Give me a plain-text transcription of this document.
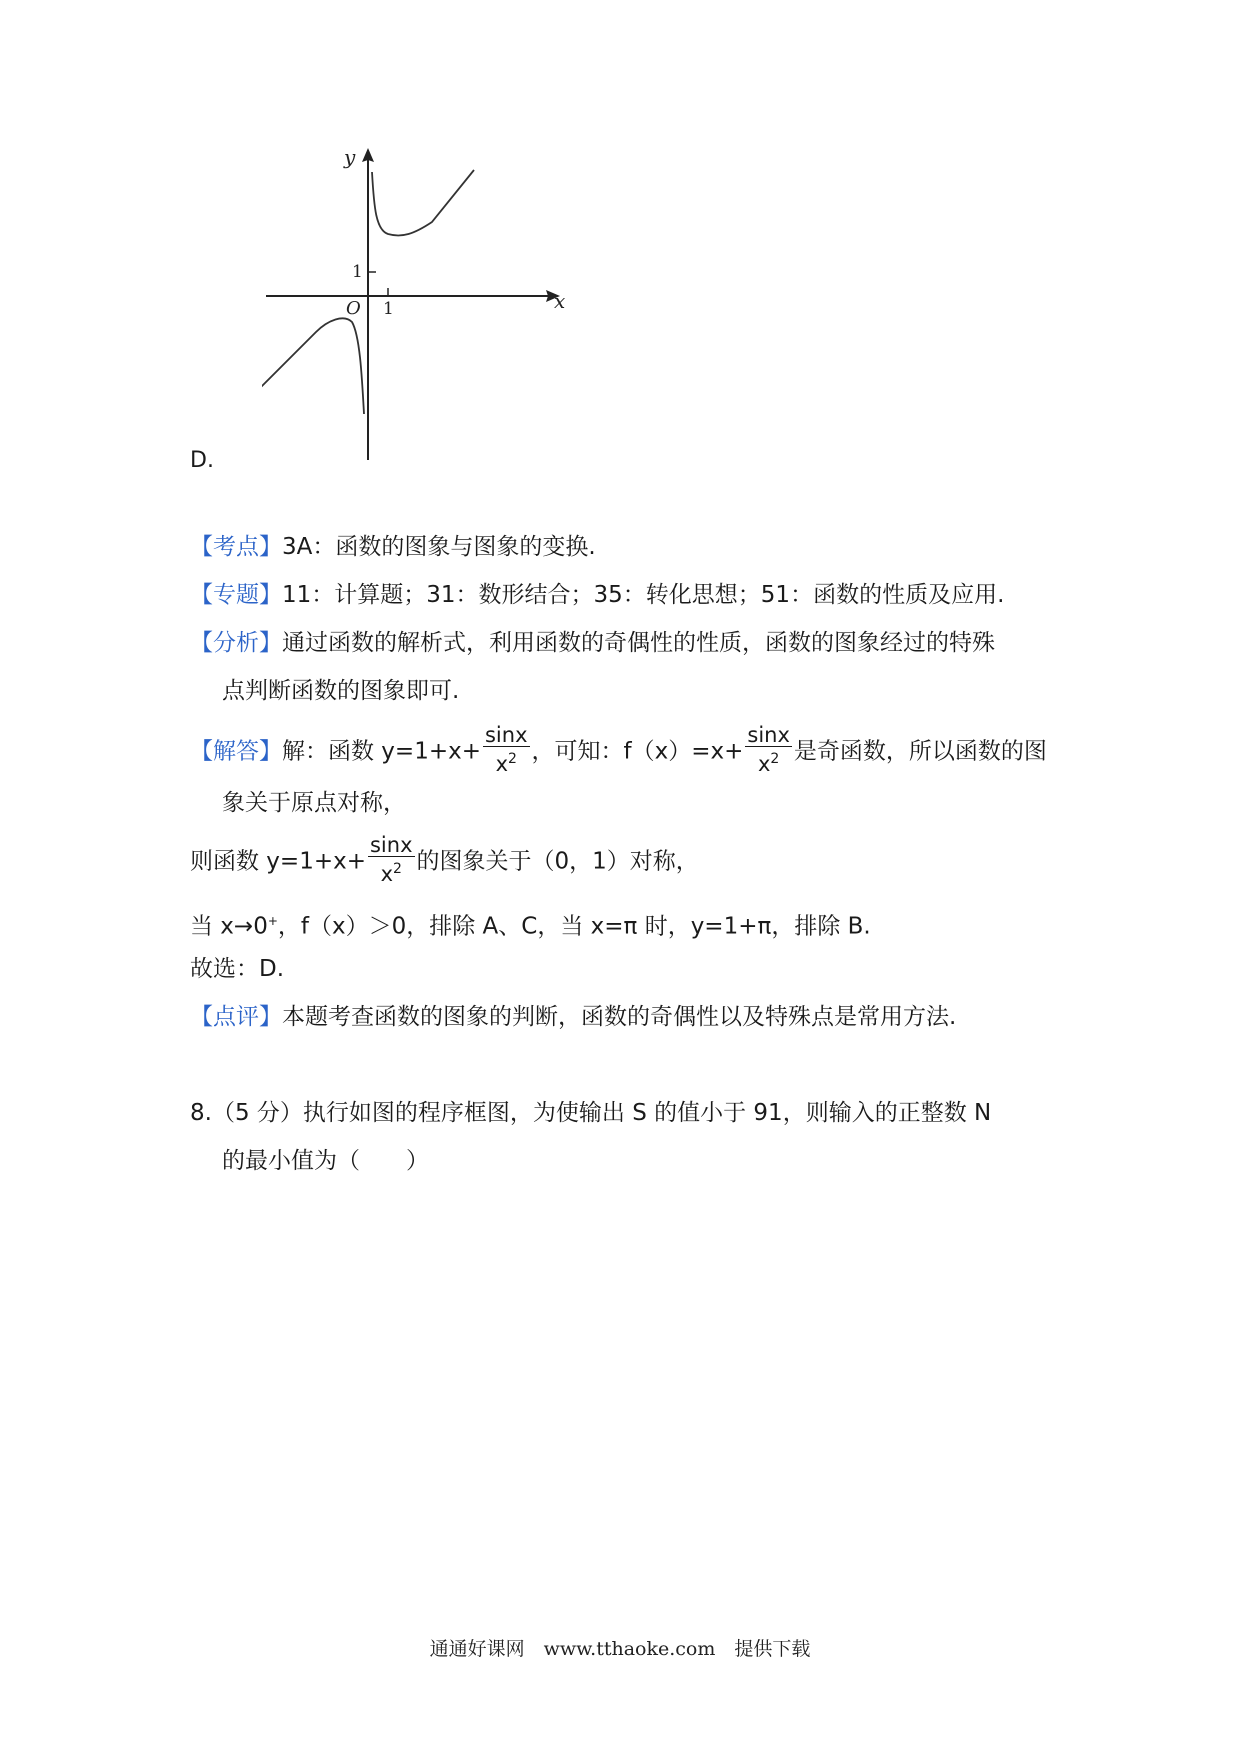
y
x
1
1
O
D.
【考点】3A：函数的图象与图象的变换.
【专题】11：计算题；31：数形结合；35：转化思想；51：函数的性质及应用.
【分析】通过函数的解析式，利用函数的奇偶性的性质，函数的图象经过的特殊
点判断函数的图象即可.
【解答】解：函数 $y=1+x+ \frac{\sin x}{x^2}$ ，可知：$f(x)=x+ \frac{\sin x}{x^2}$ 是奇函数，所以函数的图
象关于原点对称，
则函数 $y=1+x+ \frac{\sin x}{x^2}$ 的图象关于（0，1）对称，
当 x→0+，f（x）＞0，排除 A、C，当 x=π 时，y=1+π，排除 B.
故选：D.
【点评】本题考查函数的图象的判断，函数的奇偶性以及特殊点是常用方法.
8.（5 分）执行如图的程序框图，为使输出 S 的值小于 91，则输入的正整数 N
的最小值为（　　）
通通好课网　www.tthaoke.com　提供下载
